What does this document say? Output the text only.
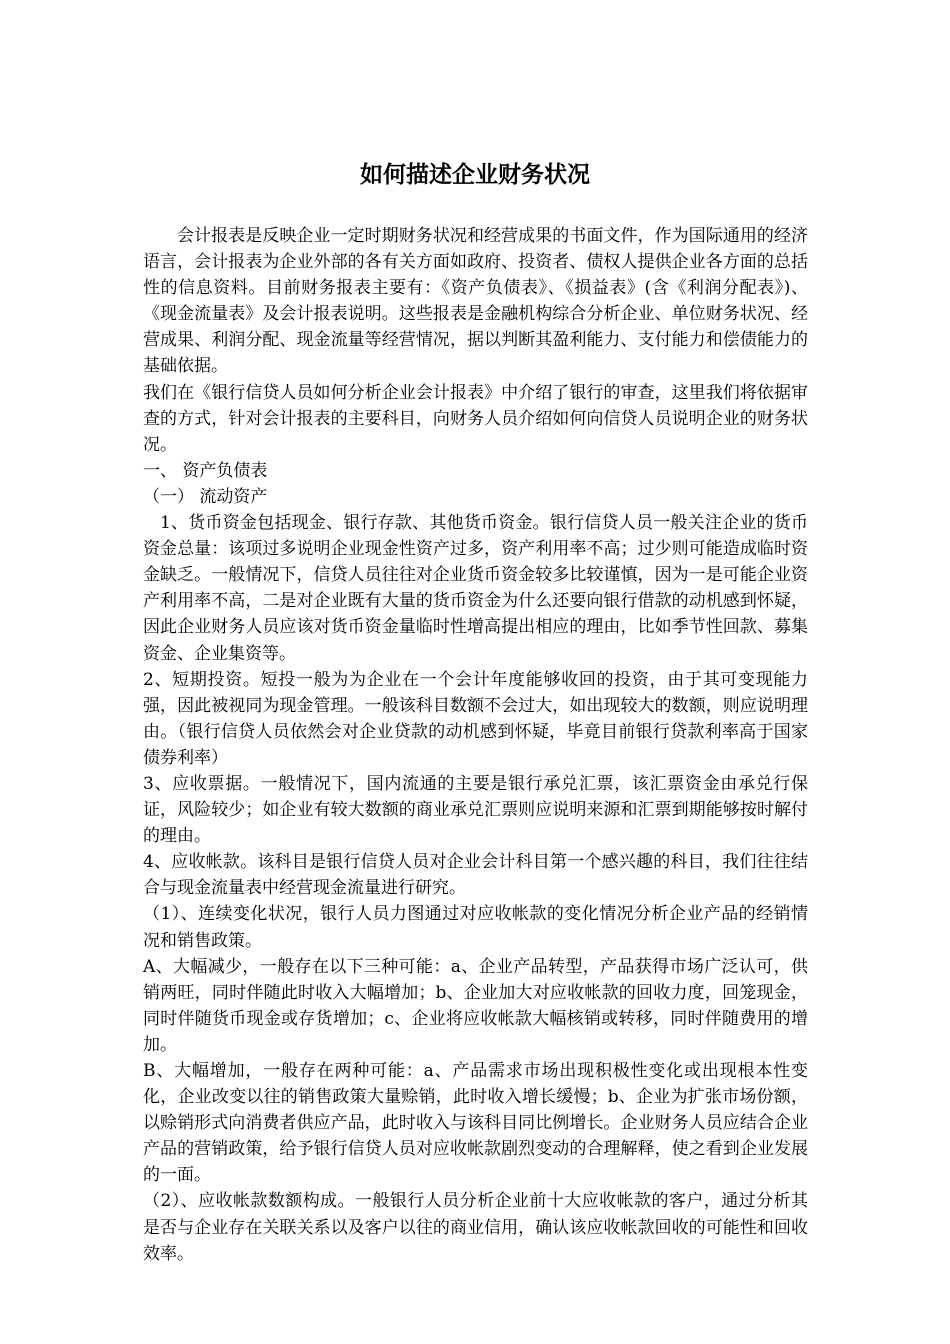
如何描述企业财务状况

会计报表是反映企业一定时期财务状况和经营成果的书面文件，作为国际通用的经济语言，会计报表为企业外部的各有关方面如政府、投资者、债权人提供企业各方面的总括性的信息资料。目前财务报表主要有：《资产负债表》、《损益表》(含《利润分配表》)、《现金流量表》及会计报表说明。这些报表是金融机构综合分析企业、单位财务状况、经营成果、利润分配、现金流量等经营情况，据以判断其盈利能力、支付能力和偿债能力的基础依据。

我们在《银行信贷人员如何分析企业会计报表》中介绍了银行的审查，这里我们将依据审查的方式，针对会计报表的主要科目，向财务人员介绍如何向信贷人员说明企业的财务状况。

一、 资产负债表

（一） 流动资产

1、货币资金包括现金、银行存款、其他货币资金。银行信贷人员一般关注企业的货币资金总量：该项过多说明企业现金性资产过多，资产利用率不高；过少则可能造成临时资金缺乏。一般情况下，信贷人员往往对企业货币资金较多比较谨慎，因为一是可能企业资产利用率不高，二是对企业既有大量的货币资金为什么还要向银行借款的动机感到怀疑，因此企业财务人员应该对货币资金量临时性增高提出相应的理由，比如季节性回款、募集资金、企业集资等。

2、短期投资。短投一般为为企业在一个会计年度能够收回的投资，由于其可变现能力强，因此被视同为现金管理。一般该科目数额不会过大，如出现较大的数额，则应说明理由。（银行信贷人员依然会对企业贷款的动机感到怀疑，毕竟目前银行贷款利率高于国家债券利率）

3、应收票据。一般情况下，国内流通的主要是银行承兑汇票，该汇票资金由承兑行保证，风险较少；如企业有较大数额的商业承兑汇票则应说明来源和汇票到期能够按时解付的理由。

4、应收帐款。该科目是银行信贷人员对企业会计科目第一个感兴趣的科目，我们往往结合与现金流量表中经营现金流量进行研究。

（1）、连续变化状况，银行人员力图通过对应收帐款的变化情况分析企业产品的经销情况和销售政策。

A、大幅减少，一般存在以下三种可能：a、企业产品转型，产品获得市场广泛认可，供销两旺，同时伴随此时收入大幅增加；b、企业加大对应收帐款的回收力度，回笼现金，同时伴随货币现金或存货增加；c、企业将应收帐款大幅核销或转移，同时伴随费用的增加。

B、大幅增加，一般存在两种可能：a、产品需求市场出现积极性变化或出现根本性变化，企业改变以往的销售政策大量赊销，此时收入增长缓慢；b、企业为扩张市场份额，以赊销形式向消费者供应产品，此时收入与该科目同比例增长。企业财务人员应结合企业产品的营销政策，给予银行信贷人员对应收帐款剧烈变动的合理解释，使之看到企业发展的一面。

（2）、应收帐款数额构成。一般银行人员分析企业前十大应收帐款的客户，通过分析其是否与企业存在关联关系以及客户以往的商业信用，确认该应收帐款回收的可能性和回收效率。
